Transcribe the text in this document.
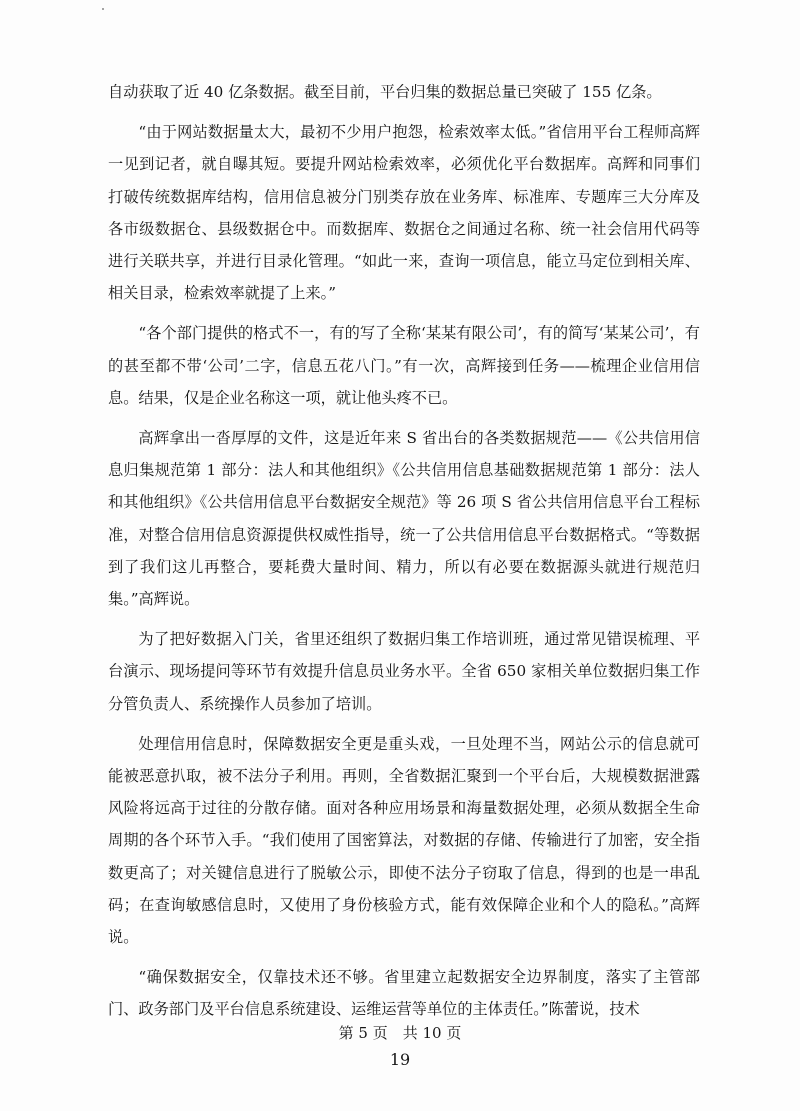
自动获取了近 40 亿条数据。截至目前，平台归集的数据总量已突破了 155 亿条。

“由于网站数据量太大，最初不少用户抱怨，检索效率太低。”省信用平台工程师高辉一见到记者，就自曝其短。要提升网站检索效率，必须优化平台数据库。高辉和同事们打破传统数据库结构，信用信息被分门别类存放在业务库、标准库、专题库三大分库及各市级数据仓、县级数据仓中。而数据库、数据仓之间通过名称、统一社会信用代码等进行关联共享，并进行目录化管理。“如此一来，查询一项信息，能立马定位到相关库、相关目录，检索效率就提了上来。”

“各个部门提供的格式不一，有的写了全称‘某某有限公司’，有的简写‘某某公司’，有的甚至都不带‘公司’二字，信息五花八门。”有一次，高辉接到任务——梳理企业信用信息。结果，仅是企业名称这一项，就让他头疼不已。

高辉拿出一沓厚厚的文件，这是近年来 S 省出台的各类数据规范——《公共信用信息归集规范第 1 部分：法人和其他组织》《公共信用信息基础数据规范第 1 部分：法人和其他组织》《公共信用信息平台数据安全规范》等 26 项 S 省公共信用信息平台工程标准，对整合信用信息资源提供权威性指导，统一了公共信用信息平台数据格式。“等数据到了我们这儿再整合，要耗费大量时间、精力，所以有必要在数据源头就进行规范归集。”高辉说。

为了把好数据入门关，省里还组织了数据归集工作培训班，通过常见错误梳理、平台演示、现场提问等环节有效提升信息员业务水平。全省 650 家相关单位数据归集工作分管负责人、系统操作人员参加了培训。

处理信用信息时，保障数据安全更是重头戏，一旦处理不当，网站公示的信息就可能被恶意扒取，被不法分子利用。再则，全省数据汇聚到一个平台后，大规模数据泄露风险将远高于过往的分散存储。面对各种应用场景和海量数据处理，必须从数据全生命周期的各个环节入手。“我们使用了国密算法，对数据的存储、传输进行了加密，安全指数更高了；对关键信息进行了脱敏公示，即使不法分子窃取了信息，得到的也是一串乱码；在查询敏感信息时，又使用了身份核验方式，能有效保障企业和个人的隐私。”高辉说。

“确保数据安全，仅靠技术还不够。省里建立起数据安全边界制度，落实了主管部门、政务部门及平台信息系统建设、运维运营等单位的主体责任。”陈蕾说，技术

第 5 页　共 10 页
19
